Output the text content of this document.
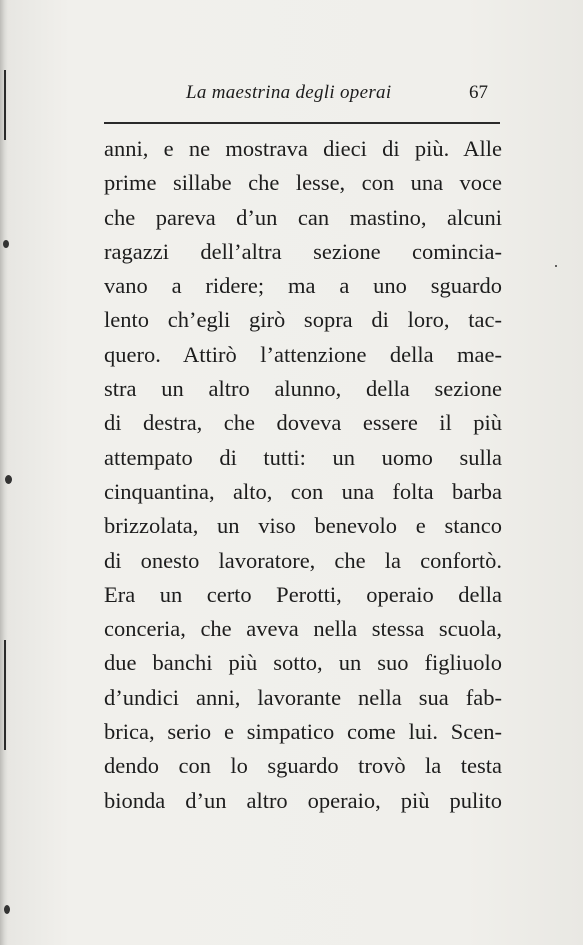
La maestrina degli operai	67
anni, e ne mostrava dieci di più. Alle
prime sillabe che lesse, con una voce
che pareva d’un can mastino, alcuni
ragazzi dell’altra sezione comincia-
vano a ridere; ma a uno sguardo
lento ch’egli girò sopra di loro, tac-
quero. Attirò l’attenzione della mae-
stra un altro alunno, della sezione
di destra, che doveva essere il più
attempato di tutti: un uomo sulla
cinquantina, alto, con una folta barba
brizzolata, un viso benevolo e stanco
di onesto lavoratore, che la confortò.
Era un certo Perotti, operaio della
conceria, che aveva nella stessa scuola,
due banchi più sotto, un suo figliuolo
d’undici anni, lavorante nella sua fab-
brica, serio e simpatico come lui. Scen-
dendo con lo sguardo trovò la testa
bionda d’un altro operaio, più pulito
